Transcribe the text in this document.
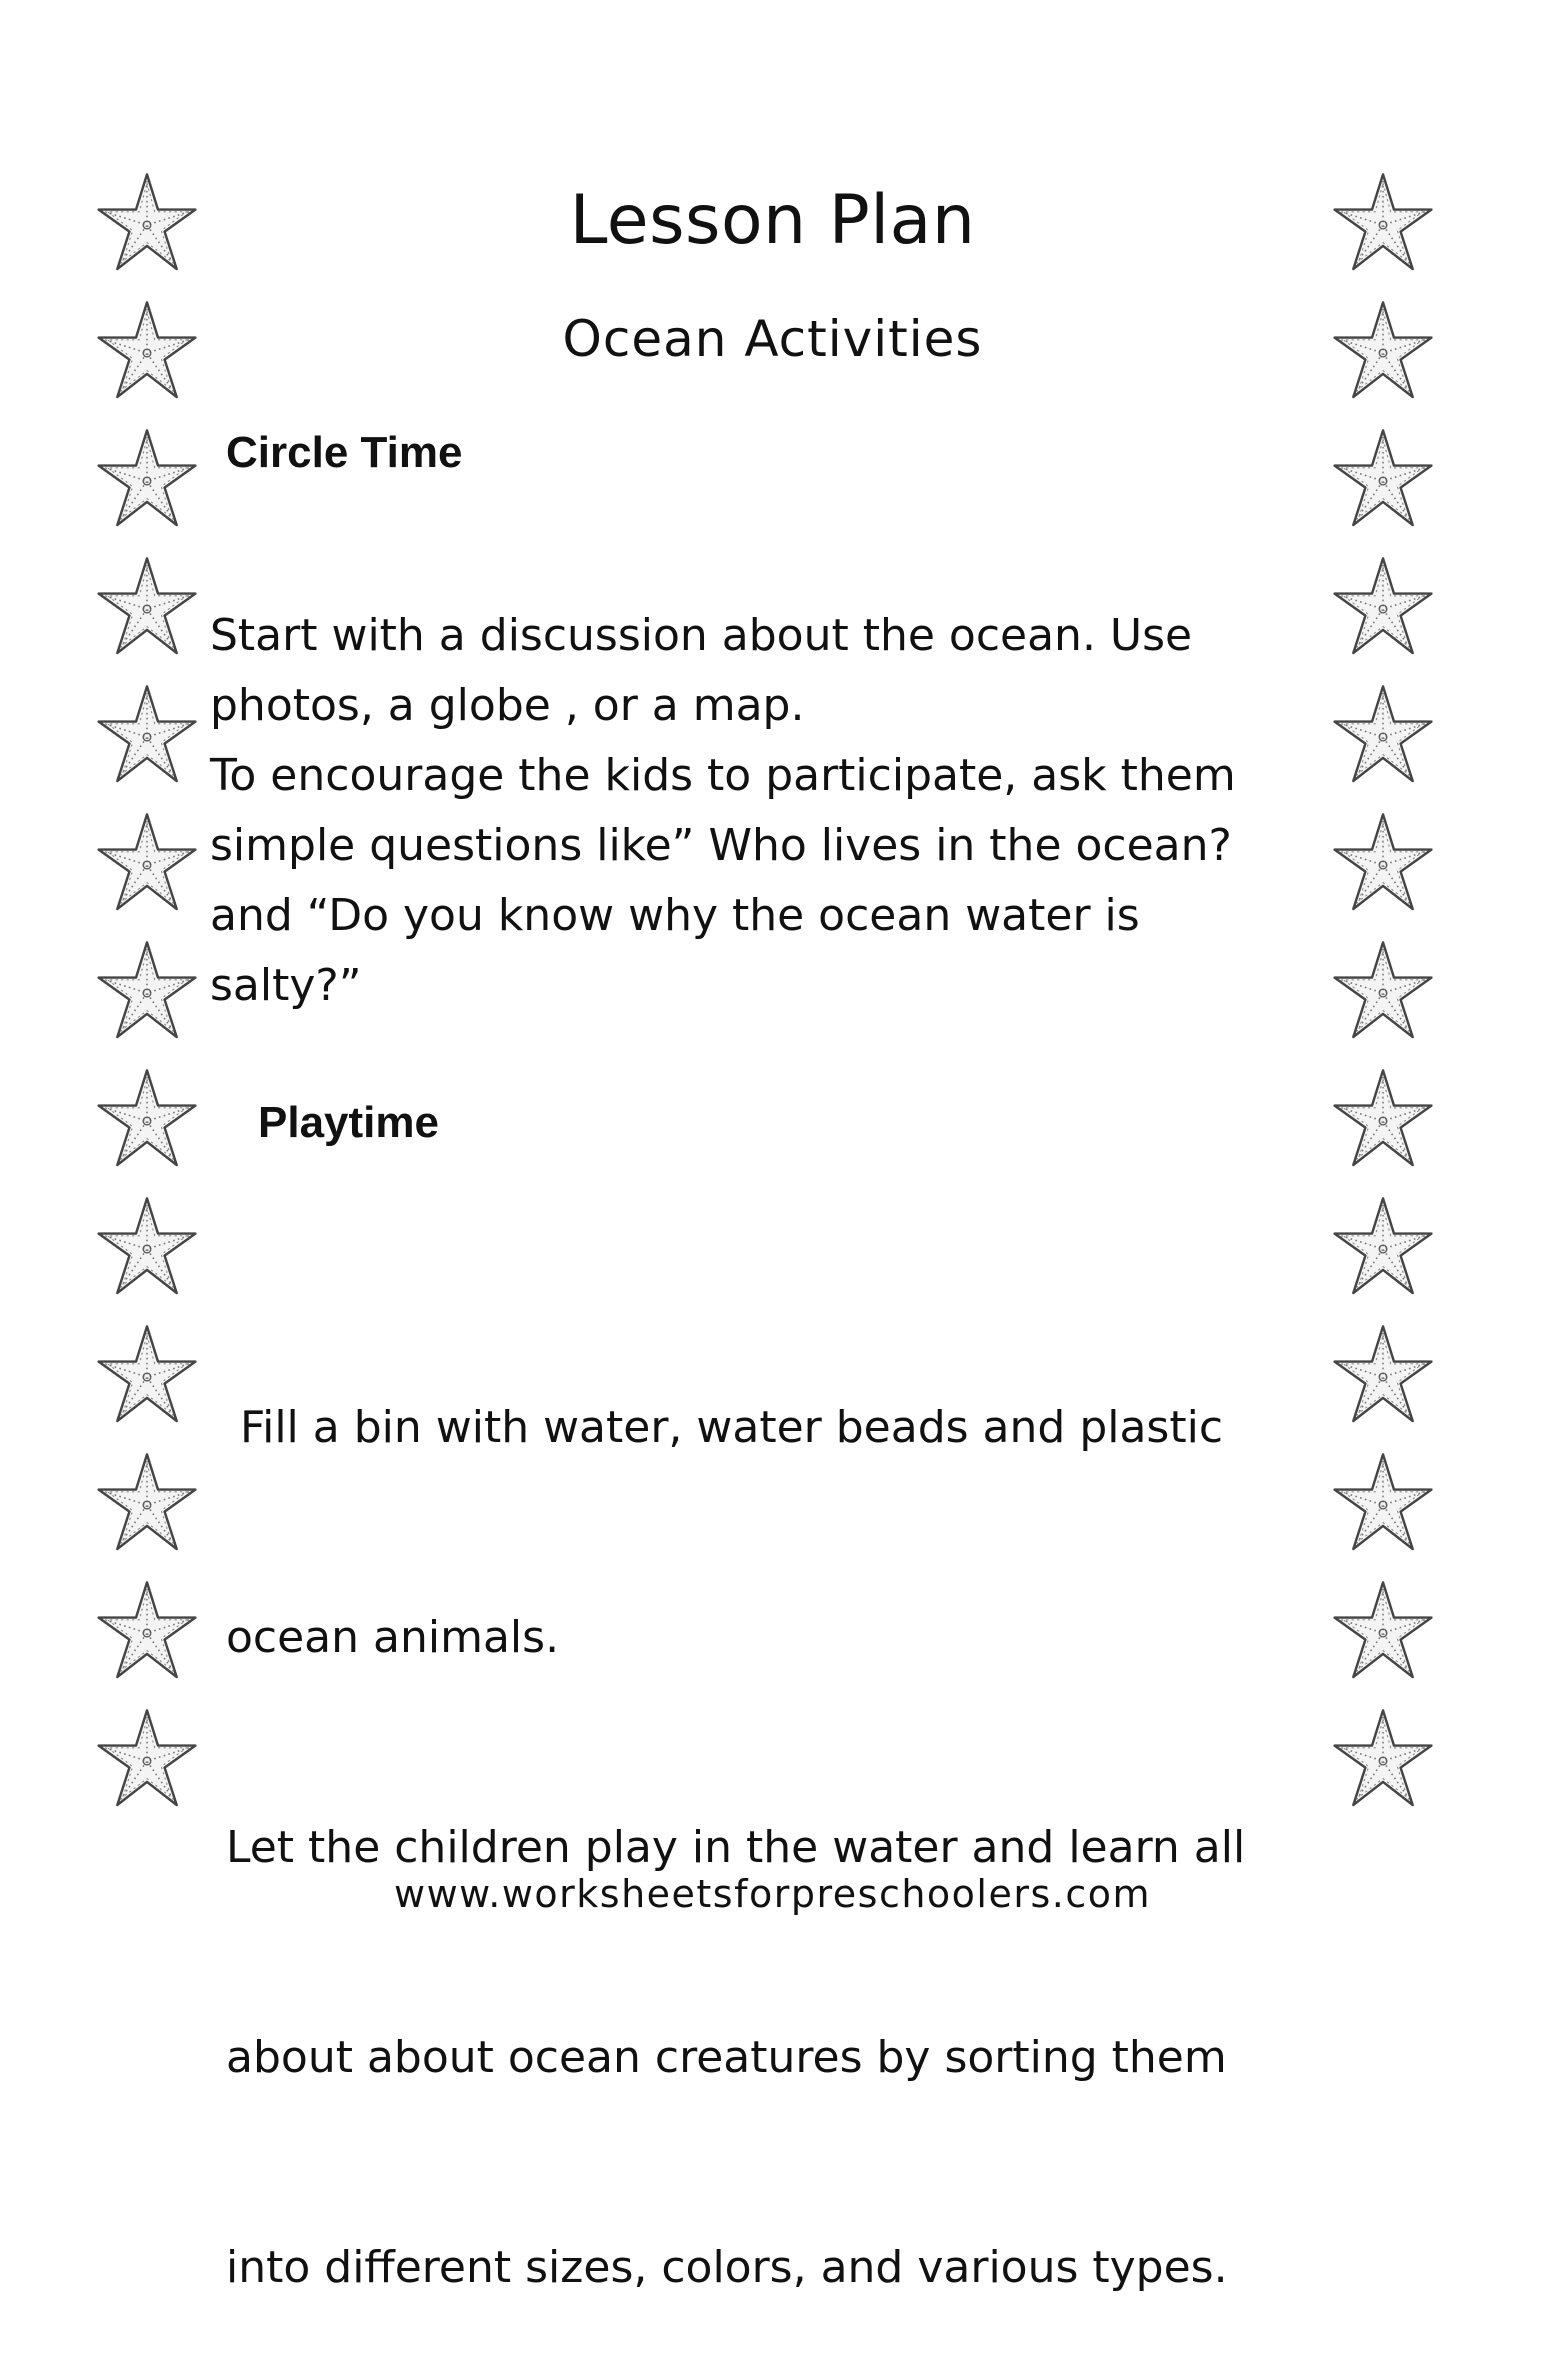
Lesson Plan
Ocean Activities
Circle Time
Start with a discussion about the ocean. Use
photos, a globe , or a map.
To encourage the kids to participate, ask them
simple questions like” Who lives in the ocean?
and “Do you know why the ocean water is
salty?”
Playtime

Fill a bin with water, water beads and plastic

ocean animals.

Let the children play in the water and learn all

about about ocean creatures by sorting them

into different sizes, colors, and various types.

www.worksheetsforpreschoolers.com
